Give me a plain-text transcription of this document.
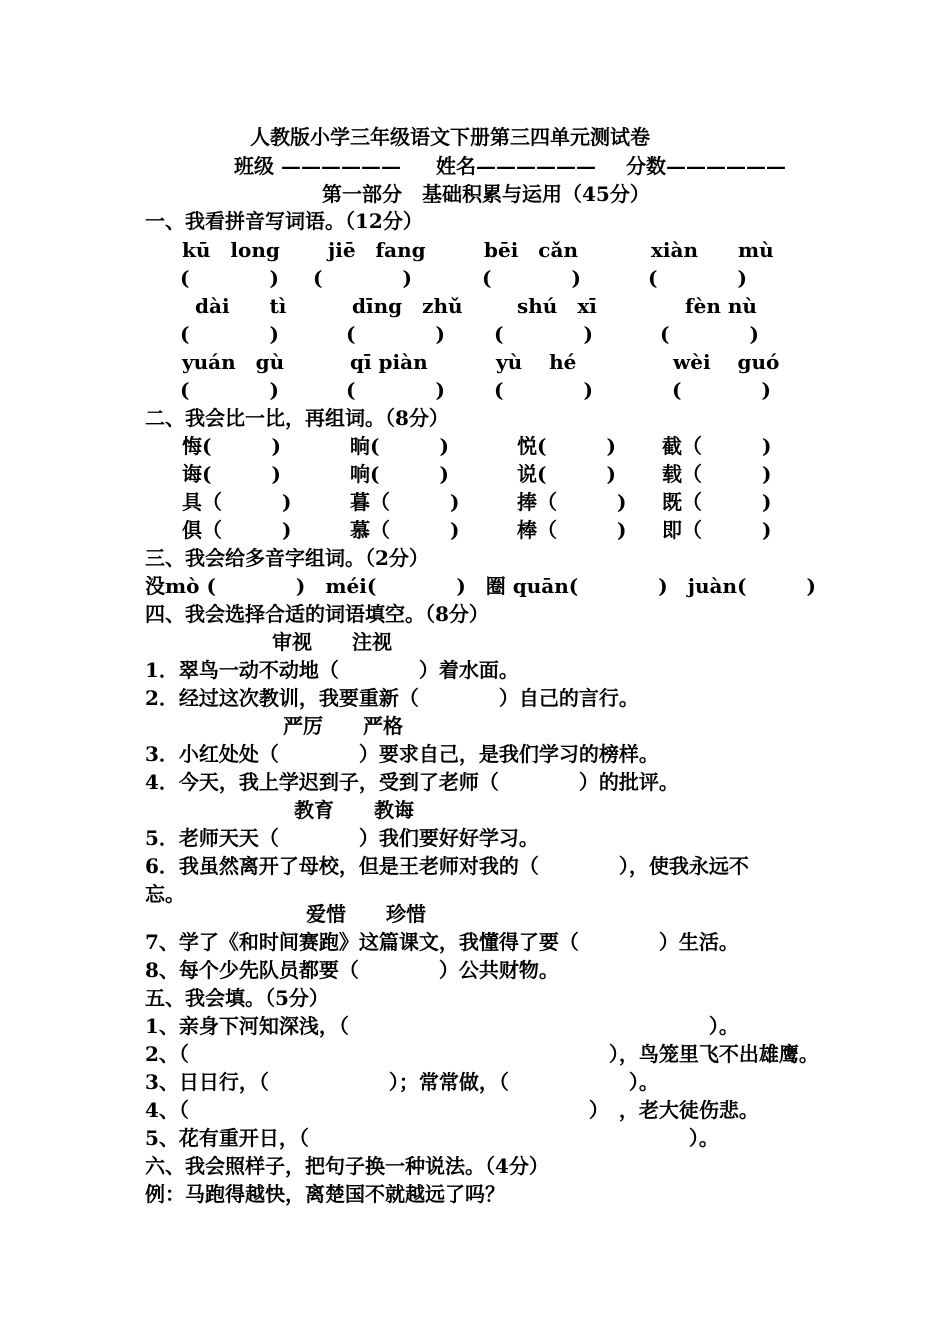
人教版小学三年级语文下册第三四单元测试卷
班级 —————— 姓名—————— 分数——————
第一部分　基础积累与运用（45分）
一、我看拼音写词语。（12分）
kū　long jiē　fang	bēi　cǎn	xiàn　　mù
(　　　　) (　　　　)	(　　　　)	(　　　　)
dài　　tì	dīng　zhǔ	shú　xī	fèn nù
(　　　　)	(　　　　) (　　　　)	(　　　　)
yuán　gù	qī piàn	yù　 hé	wèi　 guó
(　　　　)	(　　　　) (　　　　)	(　　　　)
二、我会比一比，再组词。（8分）
悔(　　　)	晌(　　　)	悦(　　　) 截（　　　)
诲(　　　)	响(　　　)	说(　　　) 载（　　　)
具（　　　)	暮（　　　)	捧（　　　) 既（　　　)
俱（　　　)	慕（　　　)	棒（　　　) 即（　　　)
三、我会给多音字组词。（2分）
没mò (　　　　)　méi(　　　　)　圈 quān(　　　　)　juàn(　　　)
四、我会选择合适的词语填空。（8分）
审视　　注视
1．翠鸟一动不动地（　　　　）着水面。
2．经过这次教训，我要重新（　　　　）自己的言行。
严厉　　严格
3．小红处处（　　　　）要求自己，是我们学习的榜样。
4．今天，我上学迟到子，受到了老师（　　　　）的批评。
教育　　教诲
5．老师天天（　　　　）我们要好好学习。
6．我虽然离开了母校，但是王老师对我的（　　　　），使我永远不
忘。
爱惜　　珍惜
7、学了《和时间赛跑》这篇课文，我懂得了要（　　　　）生活。
8、每个少先队员都要（　　　　）公共财物。
五、我会填。（5分）
1、亲身下河知深浅，（　　　　　　　　　　　　　　　　　　）。
2、（　　　　　　　　　　　　　　　　　　　　　），鸟笼里飞不出雄鹰。
3、日日行，（　　　　　　）；常常做，（　　　　　　）。
4、（　　　　　　　　　　　　　　　　　　　　）　，老大徒伤悲。
5、花有重开日，（　　　　　　　　　　　　　　　　　　　）。
六、我会照样子，把句子换一种说法。（4分）
例：马跑得越快，离楚国不就越远了吗？
